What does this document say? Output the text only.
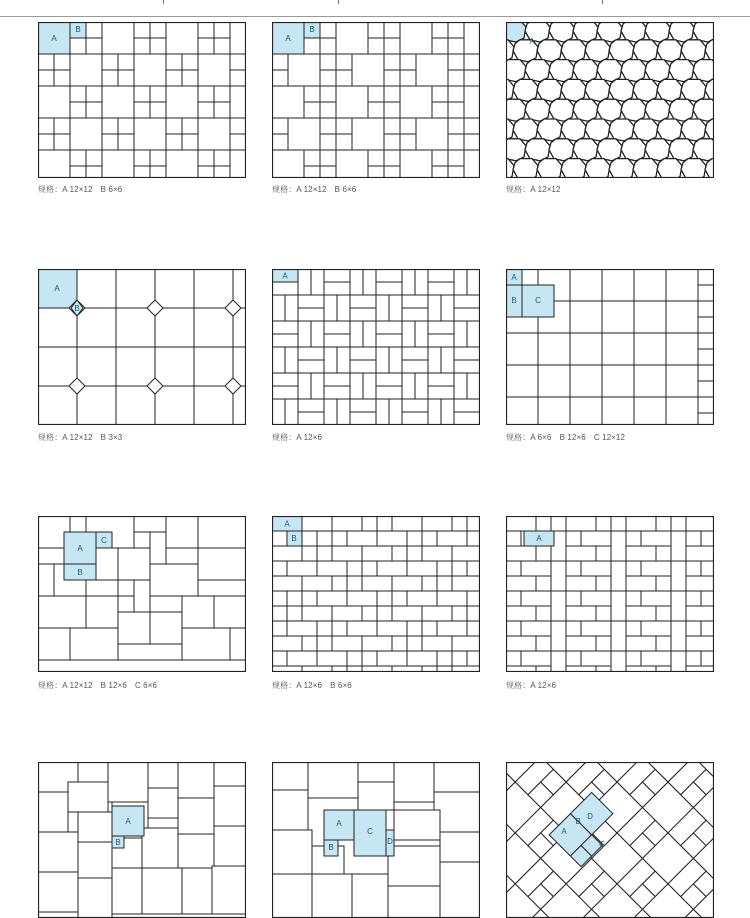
A
B
规格：A 12×12　B 6×6
A
B
规格：A 12×12　B 6×6
A
规格：A 12×12
A
B
规格：A 12×12　B 3×3
A
规格：A 12×6
A
B C
规格：A 6×6　B 12×6　C 12×12
A
B
C
规格：A 12×12　B 12×6　C 6×6
A
B
规格：A 12×6　B 6×6
A
规格：A 12×6
A
B
A
C
B
D
A
B
C
D
